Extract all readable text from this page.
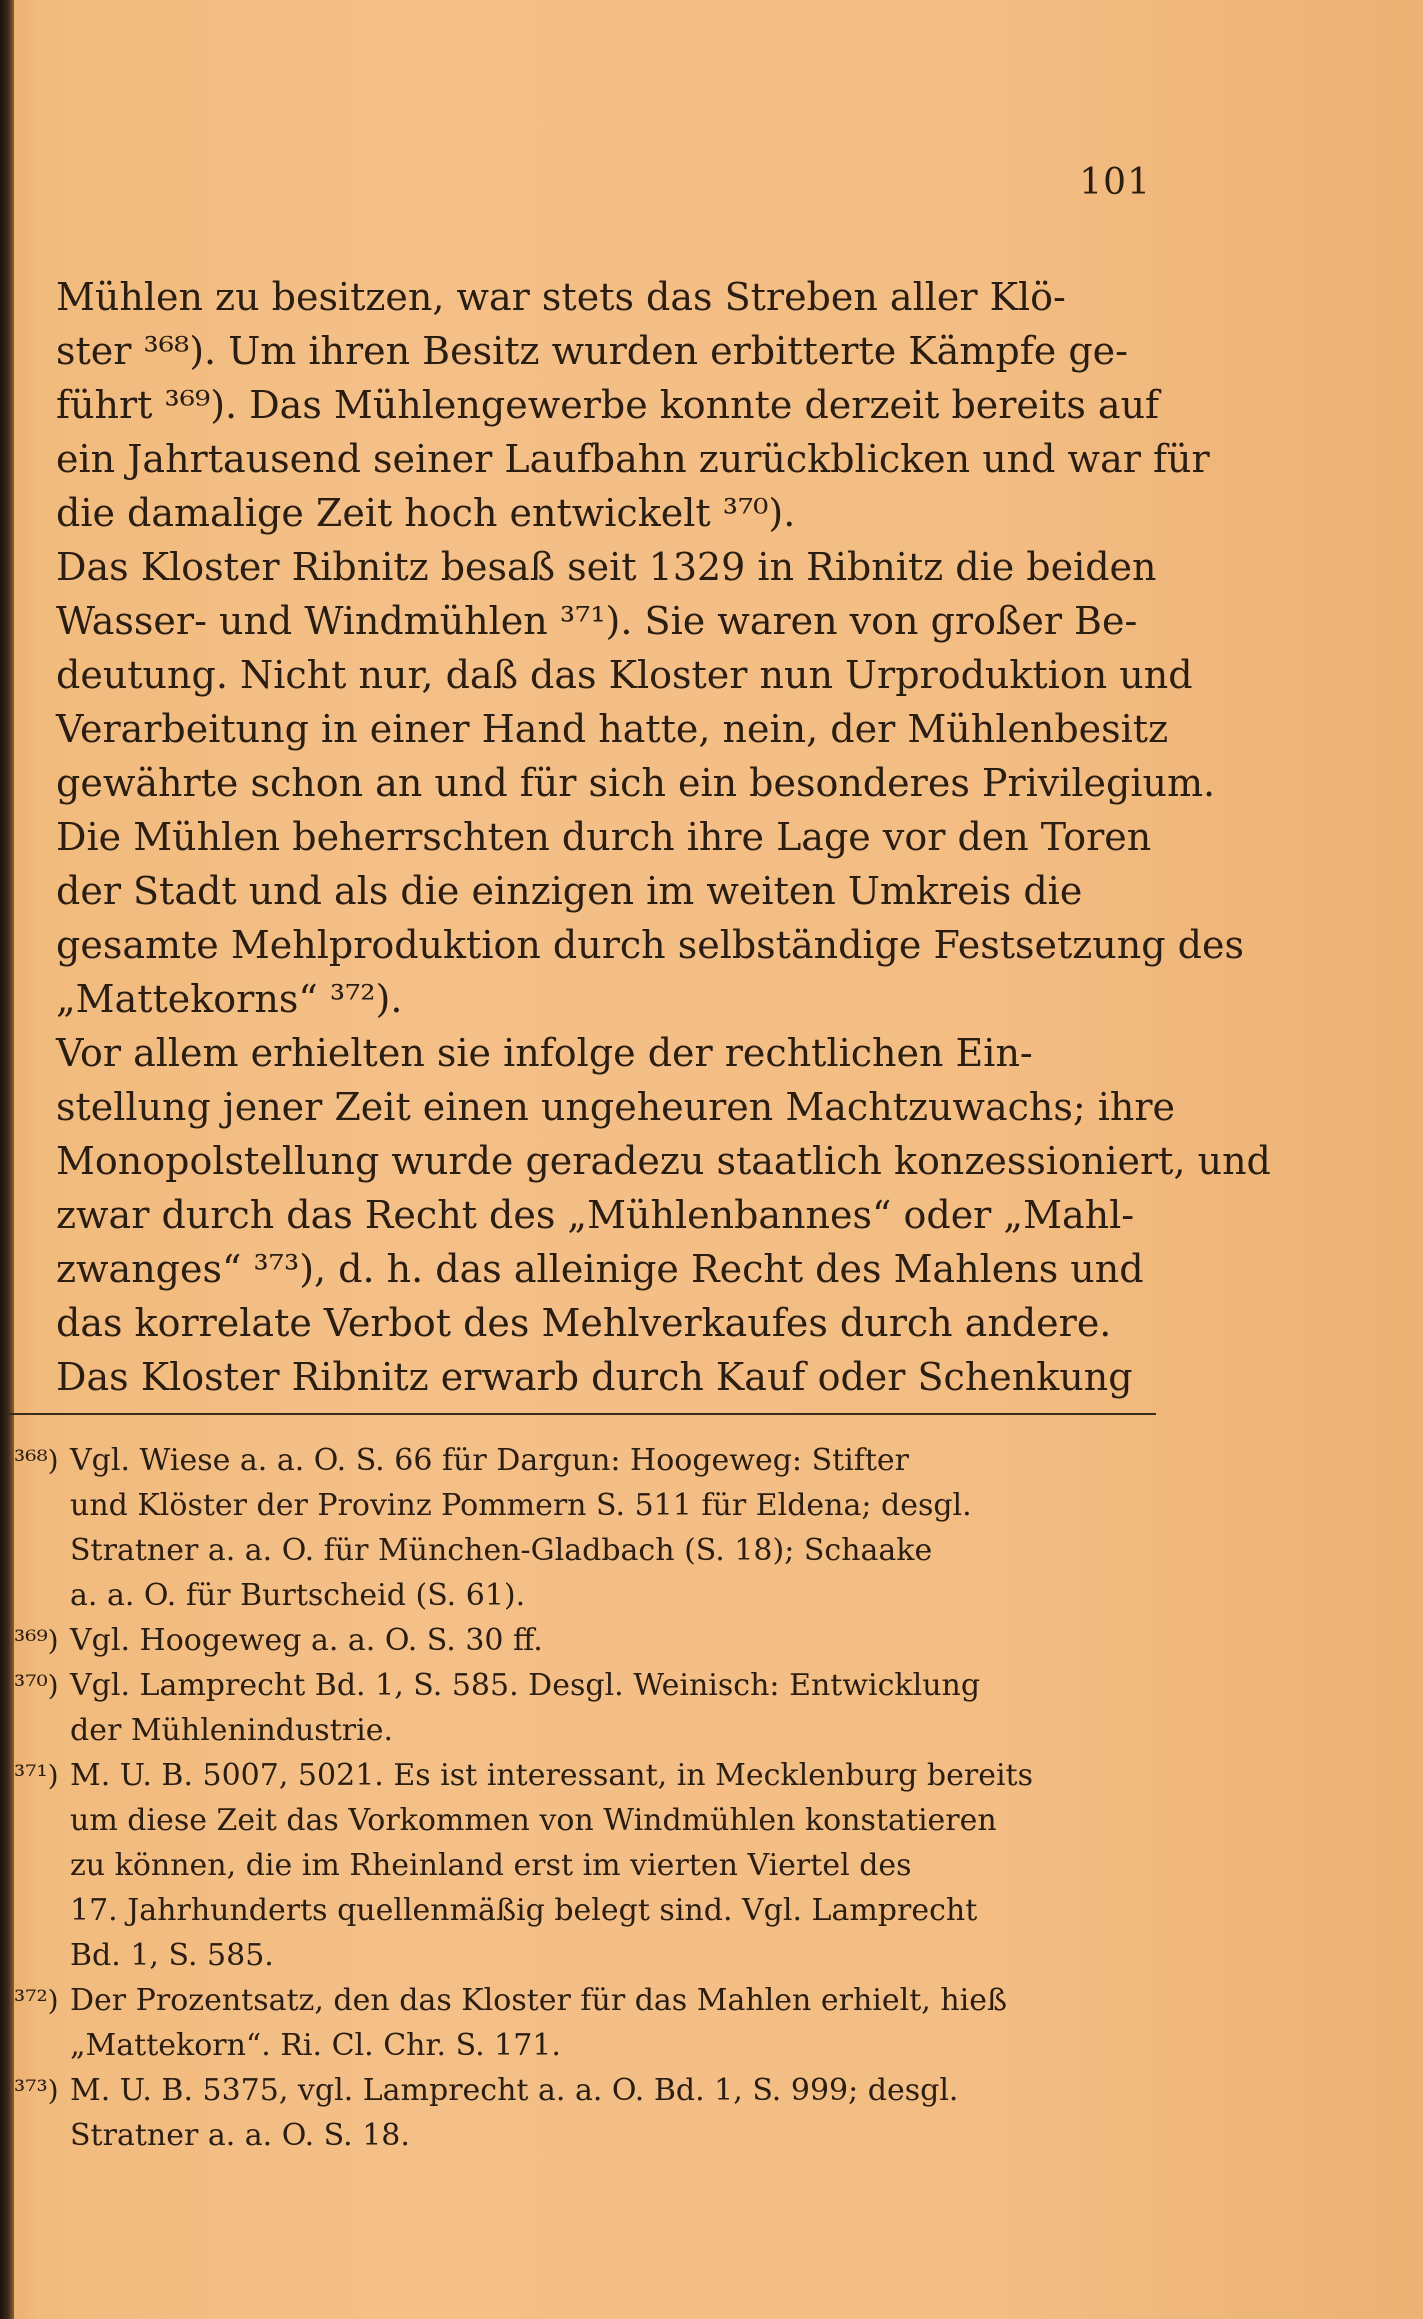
101
Mühlen zu besitzen, war stets das Streben aller Klö-
ster ³⁶⁸). Um ihren Besitz wurden erbitterte Kämpfe ge-
führt ³⁶⁹). Das Mühlengewerbe konnte derzeit bereits auf
ein Jahrtausend seiner Laufbahn zurückblicken und war für
die damalige Zeit hoch entwickelt ³⁷⁰).
Das Kloster Ribnitz besaß seit 1329 in Ribnitz die beiden
Wasser- und Windmühlen ³⁷¹). Sie waren von großer Be-
deutung. Nicht nur, daß das Kloster nun Urproduktion und
Verarbeitung in einer Hand hatte, nein, der Mühlenbesitz
gewährte schon an und für sich ein besonderes Privilegium.
Die Mühlen beherrschten durch ihre Lage vor den Toren
der Stadt und als die einzigen im weiten Umkreis die
gesamte Mehlproduktion durch selbständige Festsetzung des
„Mattekorns“ ³⁷²).
Vor allem erhielten sie infolge der rechtlichen Ein-
stellung jener Zeit einen ungeheuren Machtzuwachs; ihre
Monopolstellung wurde geradezu staatlich konzessioniert, und
zwar durch das Recht des „Mühlenbannes“ oder „Mahl-
zwanges“ ³⁷³), d. h. das alleinige Recht des Mahlens und
das korrelate Verbot des Mehlverkaufes durch andere.
Das Kloster Ribnitz erwarb durch Kauf oder Schenkung
³⁶⁸) Vgl. Wiese a. a. O. S. 66 für Dargun: Hoogeweg: Stifter
und Klöster der Provinz Pommern S. 511 für Eldena; desgl.
Stratner a. a. O. für München-Gladbach (S. 18); Schaake
a. a. O. für Burtscheid (S. 61).
³⁶⁹) Vgl. Hoogeweg a. a. O. S. 30 ff.
³⁷⁰) Vgl. Lamprecht Bd. 1, S. 585. Desgl. Weinisch: Entwicklung
der Mühlenindustrie.
³⁷¹) M. U. B. 5007, 5021. Es ist interessant, in Mecklenburg bereits
um diese Zeit das Vorkommen von Windmühlen konstatieren
zu können, die im Rheinland erst im vierten Viertel des
17. Jahrhunderts quellenmäßig belegt sind. Vgl. Lamprecht
Bd. 1, S. 585.
³⁷²) Der Prozentsatz, den das Kloster für das Mahlen erhielt, hieß
„Mattekorn“. Ri. Cl. Chr. S. 171.
³⁷³) M. U. B. 5375, vgl. Lamprecht a. a. O. Bd. 1, S. 999; desgl.
Stratner a. a. O. S. 18.
